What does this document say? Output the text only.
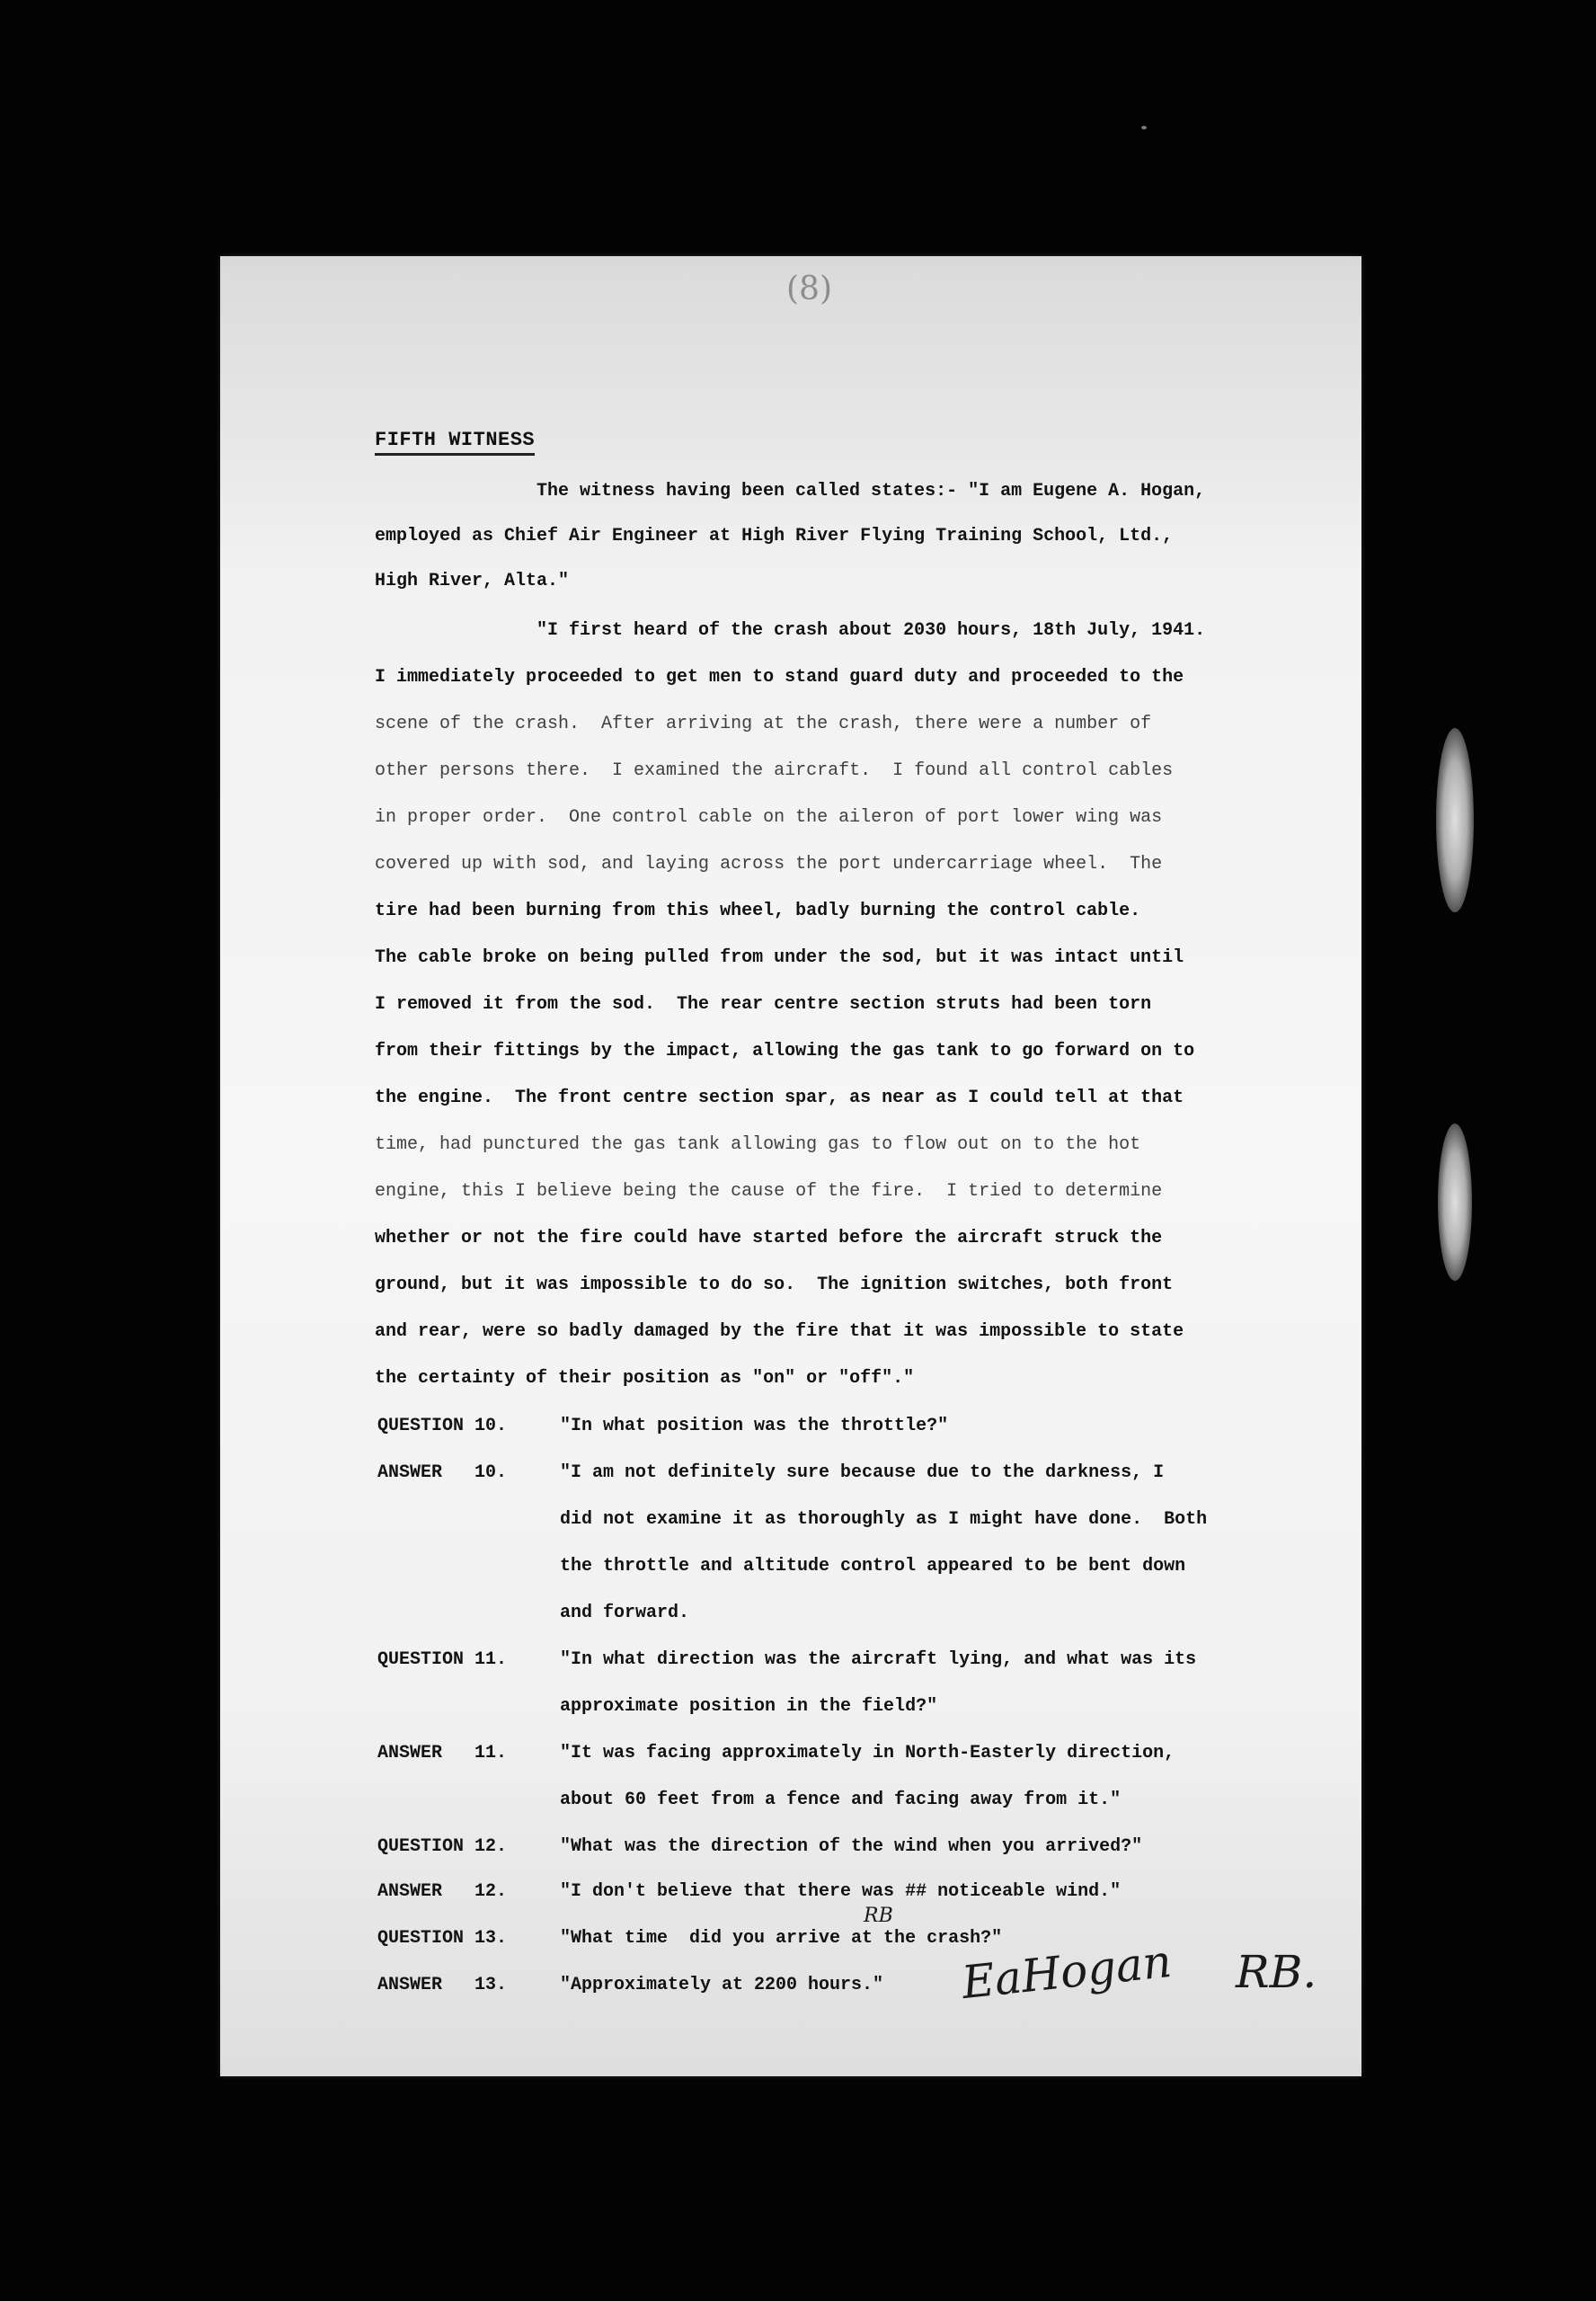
(8)
FIFTH WITNESS
The witness having been called states:- "I am Eugene A. Hogan,
employed as Chief Air Engineer at High River Flying Training School, Ltd.,
High River, Alta."
"I first heard of the crash about 2030 hours, 18th July, 1941.
I immediately proceeded to get men to stand guard duty and proceeded to the
scene of the crash.  After arriving at the crash, there were a number of
other persons there.  I examined the aircraft.  I found all control cables
in proper order.  One control cable on the aileron of port lower wing was
covered up with sod, and laying across the port undercarriage wheel.  The
tire had been burning from this wheel, badly burning the control cable.
The cable broke on being pulled from under the sod, but it was intact until
I removed it from the sod.  The rear centre section struts had been torn
from their fittings by the impact, allowing the gas tank to go forward on to
the engine.  The front centre section spar, as near as I could tell at that
time, had punctured the gas tank allowing gas to flow out on to the hot
engine, this I believe being the cause of the fire.  I tried to determine
whether or not the fire could have started before the aircraft struck the
ground, but it was impossible to do so.  The ignition switches, both front
and rear, were so badly damaged by the fire that it was impossible to state
the certainty of their position as "on" or "off"."
QUESTION 10.	"In what position was the throttle?"
ANSWER   10.	"I am not definitely sure because due to the darkness, I
did not examine it as thoroughly as I might have done.  Both
the throttle and altitude control appeared to be bent down
and forward.
QUESTION 11.	"In what direction was the aircraft lying, and what was its
approximate position in the field?"
ANSWER   11.	"It was facing approximately in North-Easterly direction,
about 60 feet from a fence and facing away from it."
QUESTION 12.	"What was the direction of the wind when you arrived?"
ANSWER   12.	"I don't believe that there was ## noticeable wind."
RB
QUESTION 13.	"What time  did you arrive at the crash?"
ANSWER   13.	"Approximately at 2200 hours." EaHogan RB.
